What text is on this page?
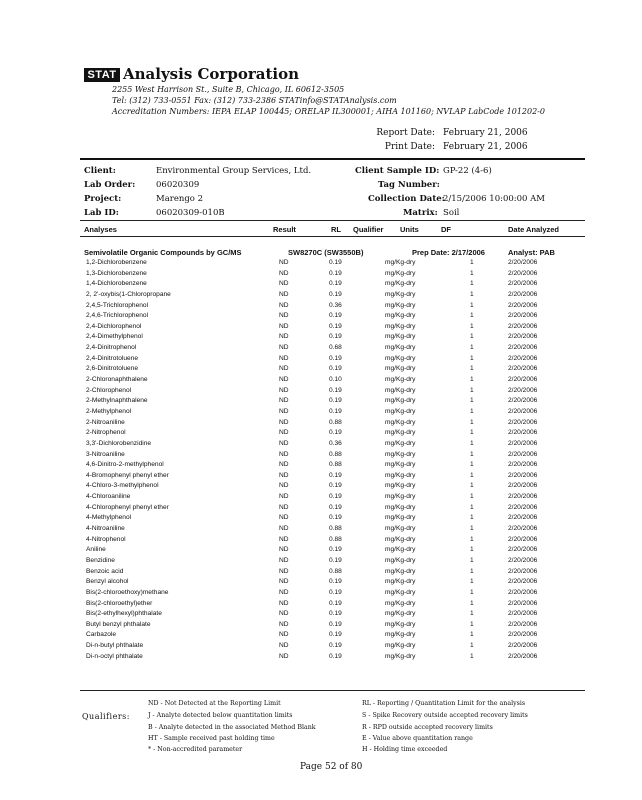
STAT Analysis Corporation
2255 West Harrison St., Suite B, Chicago, IL 60612-3505
Tel: (312) 733-0551 Fax: (312) 733-2386 STATinfo@STATAnalysis.com
Accreditation Numbers: IEPA ELAP 100445; ORELAP IL300001; AIHA 101160; NVLAP LabCode 101202-0
Report Date: February 21, 2006
Print Date: February 21, 2006
Client:	Environmental Group Services, Ltd.
Lab Order: 06020309
Project:	Marengo 2
Lab ID:	06020309-010B
Client Sample ID: GP-22 (4-6)
Tag Number:
Collection Date:
2/15/2006 10:00:00 AM
Matrix: Soil
Analyses	Result	RL Qualifier Units	DF	Date Analyzed
Semivolatile Organic Compounds by GC/MS	SW8270C (SW3550B)	Prep Date: 2/17/2006	Analyst: PAB
1,2-Dichlorobenzene	ND	0.19	mg/Kg-dry	1	2/20/2006
1,3-Dichlorobenzene	ND	0.19	mg/Kg-dry	1	2/20/2006
1,4-Dichlorobenzene	ND	0.19	mg/Kg-dry	1	2/20/2006
2, 2'-oxybis(1-Chloropropane	ND	0.19	mg/Kg-dry	1	2/20/2006
2,4,5-Trichlorophenol	ND	0.36	mg/Kg-dry	1	2/20/2006
2,4,6-Trichlorophenol	ND	0.19	mg/Kg-dry	1	2/20/2006
2,4-Dichlorophenol	ND	0.19	mg/Kg-dry	1	2/20/2006
2,4-Dimethylphenol	ND	0.19	mg/Kg-dry	1	2/20/2006
2,4-Dinitrophenol	ND	0.68	mg/Kg-dry	1	2/20/2006
2,4-Dinitrotoluene	ND	0.19	mg/Kg-dry	1	2/20/2006
2,6-Dinitrotoluene	ND	0.19	mg/Kg-dry	1	2/20/2006
2-Chloronaphthalene	ND	0.10	mg/Kg-dry	1	2/20/2006
2-Chlorophenol	ND	0.19	mg/Kg-dry	1	2/20/2006
2-Methylnaphthalene	ND	0.19	mg/Kg-dry	1	2/20/2006
2-Methylphenol	ND	0.19	mg/Kg-dry	1	2/20/2006
2-Nitroaniline	ND	0.88	mg/Kg-dry	1	2/20/2006
2-Nitrophenol	ND	0.19	mg/Kg-dry	1	2/20/2006
3,3'-Dichlorobenzidine	ND	0.36	mg/Kg-dry	1	2/20/2006
3-Nitroaniline	ND	0.88	mg/Kg-dry	1	2/20/2006
4,6-Dinitro-2-methylphenol	ND	0.88	mg/Kg-dry	1	2/20/2006
4-Bromophenyl phenyl ether	ND	0.19	mg/Kg-dry	1	2/20/2006
4-Chloro-3-methylphenol	ND	0.19	mg/Kg-dry	1	2/20/2006
4-Chloroaniline	ND	0.19	mg/Kg-dry	1	2/20/2006
4-Chlorophenyl phenyl ether	ND	0.19	mg/Kg-dry	1	2/20/2006
4-Methylphenol	ND	0.19	mg/Kg-dry	1	2/20/2006
4-Nitroaniline	ND	0.88	mg/Kg-dry	1	2/20/2006
4-Nitrophenol	ND	0.88	mg/Kg-dry	1	2/20/2006
Aniline	ND	0.19	mg/Kg-dry	1	2/20/2006
Benzidine	ND	0.19	mg/Kg-dry	1	2/20/2006
Benzoic acid	ND	0.88	mg/Kg-dry	1	2/20/2006
Benzyl alcohol	ND	0.19	mg/Kg-dry	1	2/20/2006
Bis(2-chloroethoxy)methane	ND	0.19	mg/Kg-dry	1	2/20/2006
Bis(2-chloroethyl)ether	ND	0.19	mg/Kg-dry	1	2/20/2006
Bis(2-ethylhexyl)phthalate	ND	0.19	mg/Kg-dry	1	2/20/2006
Butyl benzyl phthalate	ND	0.19	mg/Kg-dry	1	2/20/2006
Carbazole	ND	0.19	mg/Kg-dry	1	2/20/2006
Di-n-butyl phthalate	ND	0.19	mg/Kg-dry	1	2/20/2006
Di-n-octyl phthalate	ND	0.19	mg/Kg-dry	1	2/20/2006
Qualifiers:
ND - Not Detected at the Reporting Limit
J - Analyte detected below quantitation limits
B - Analyte detected in the associated Method Blank
HT - Sample received past holding time
* - Non-accredited parameter
RL - Reporting / Quantitation Limit for the analysis
S - Spike Recovery outside accepted recovery limits
R - RPD outside accepted recovery limits
E - Value above quantitation range
H - Holding time exceeded
Page 52 of 80
